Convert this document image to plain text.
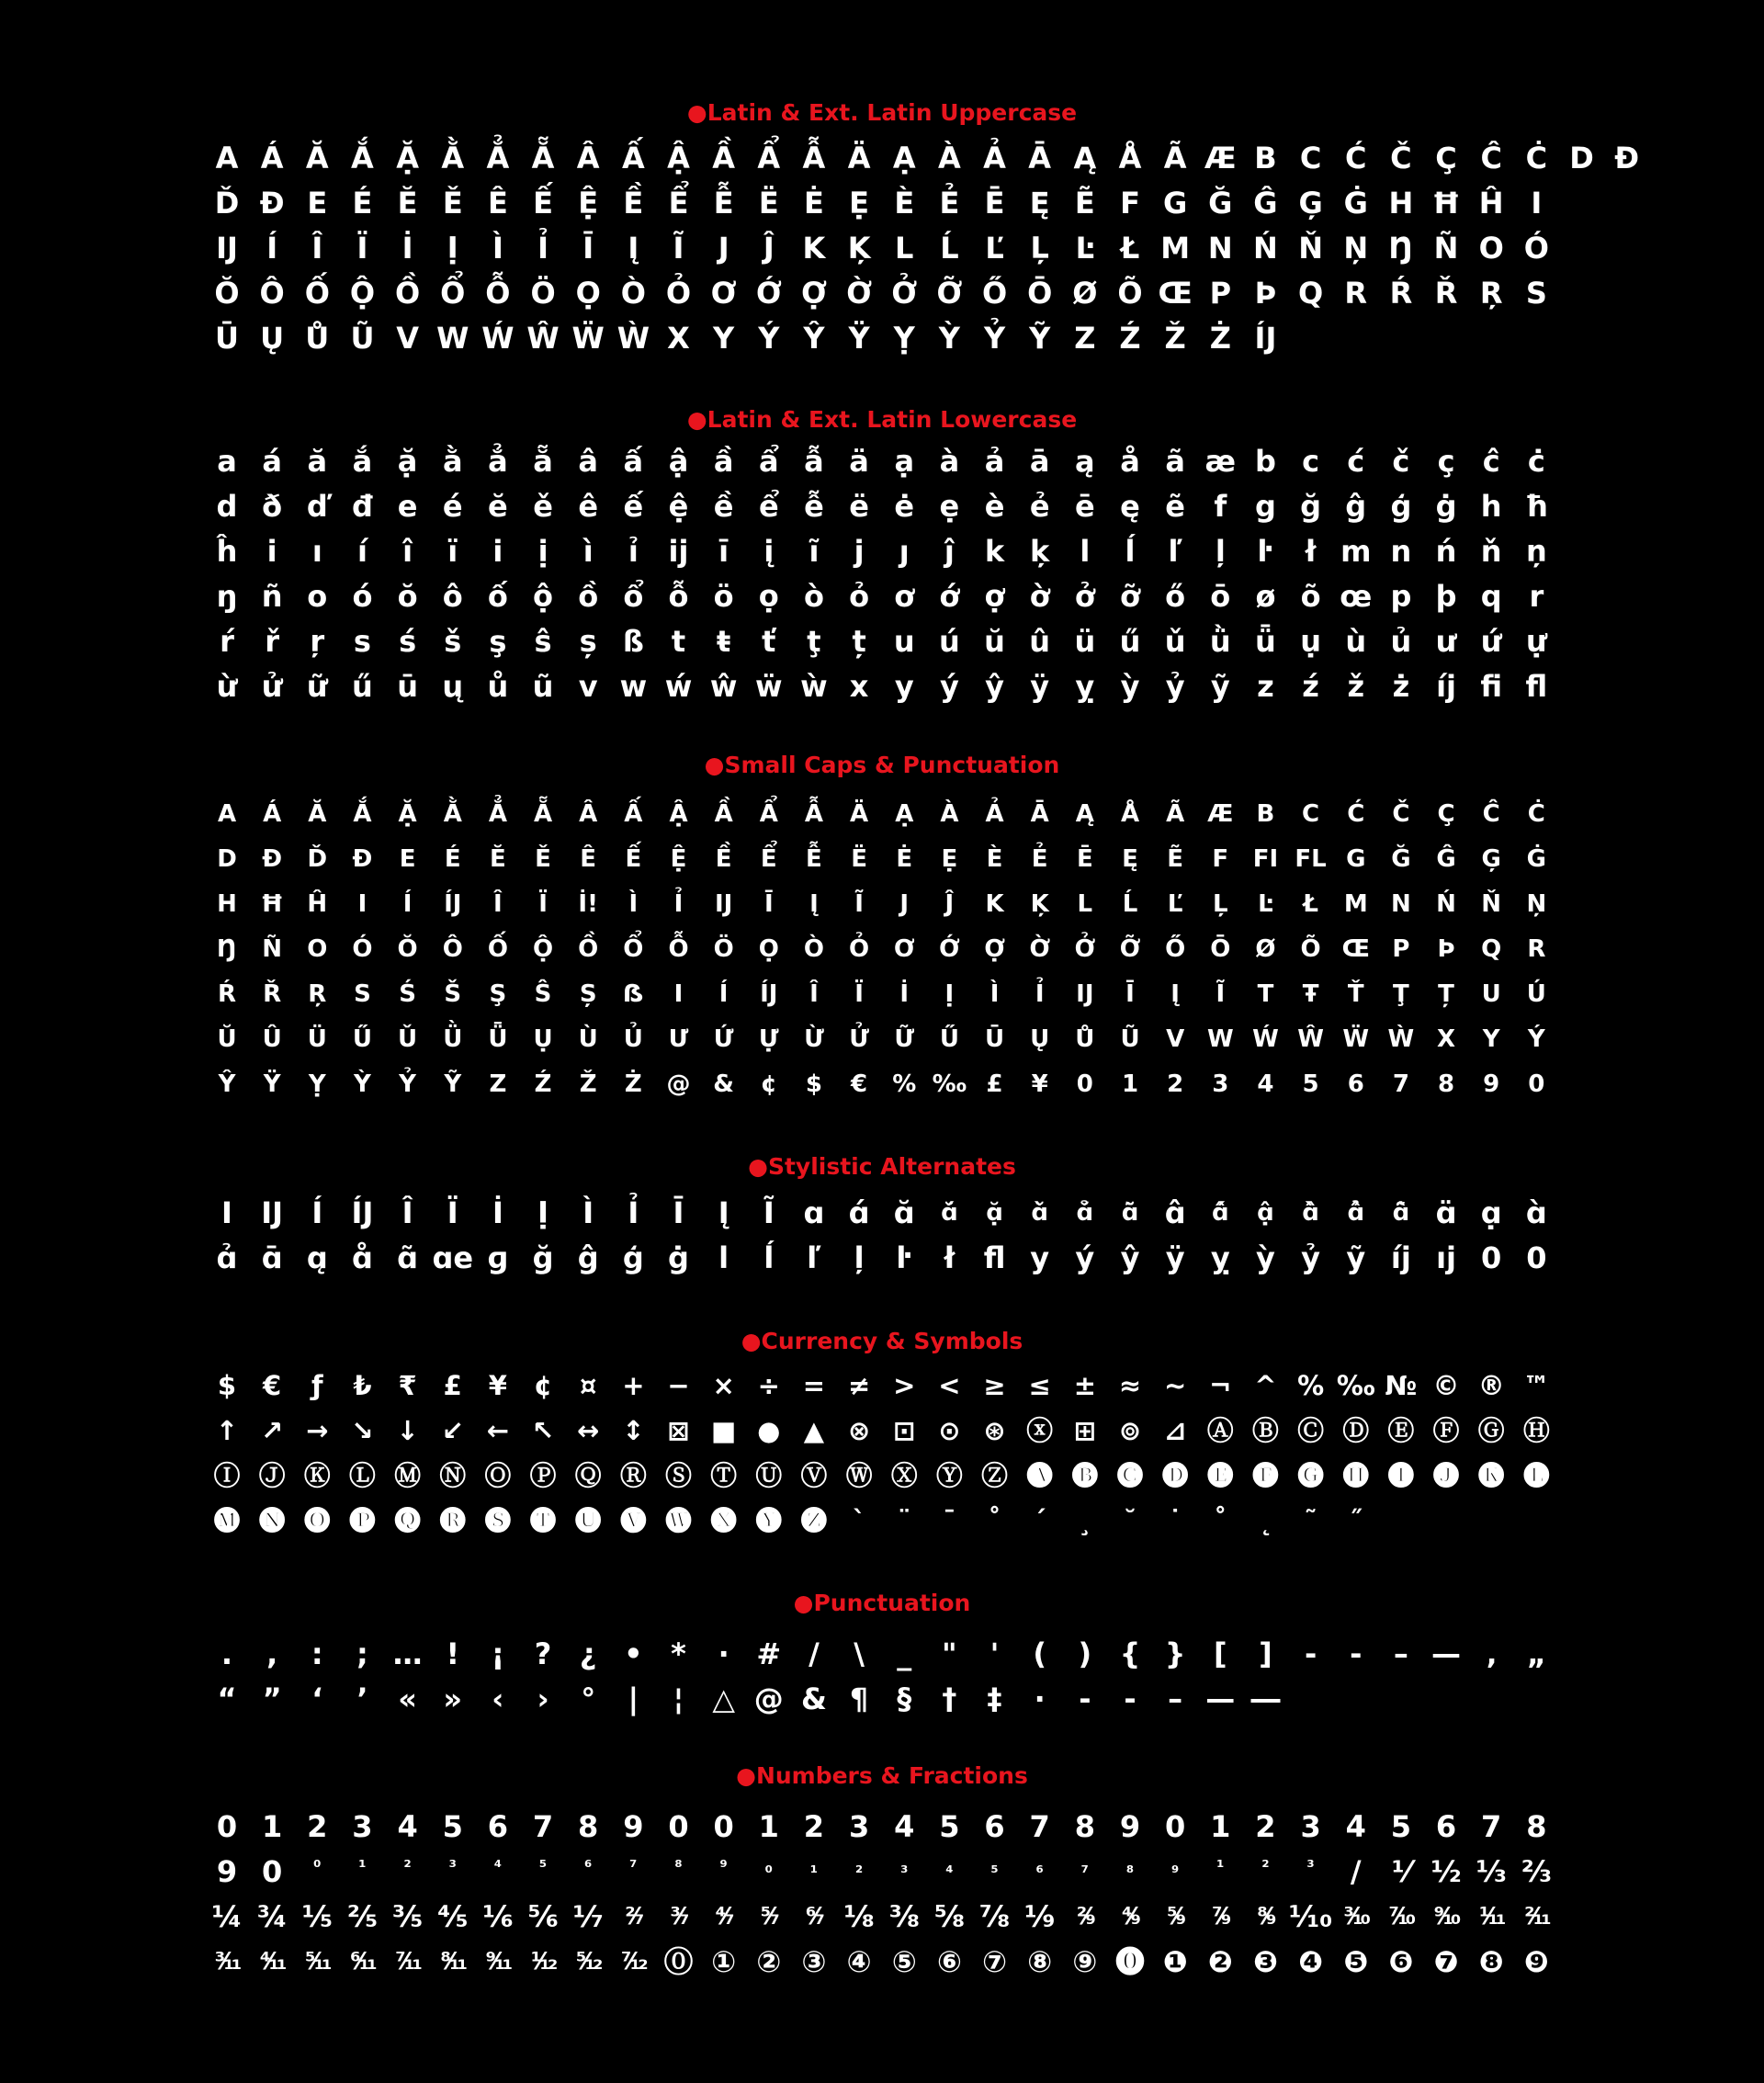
●Latin & Ext. Latin Uppercase
A Á Ă Ắ Ặ Ằ Ẳ Ẵ Â Ấ Ậ Ầ Ẩ Ẫ Ä Ạ À Ả Ā Ą Å Ã Æ B C Ć Č Ç Ĉ Ċ D Đ
Ď Đ E É Ĕ Ě Ê Ế Ệ Ề Ể Ễ Ë Ė Ẹ È Ẻ Ē Ę Ẽ F G Ğ Ĝ Ģ Ġ H Ħ Ĥ I
Ĳ Í	Î	Ï	İ	Ị	Ì	Ỉ	Ī	Į	Ĩ	J	Ĵ K Ķ L Ĺ Ľ Ļ Ŀ Ł M N Ń Ň Ņ Ŋ Ñ O Ó
Ŏ Ô Ố Ộ Ồ Ổ Ỗ Ö Ọ Ò Ỏ Ơ Ớ Ợ Ờ Ở Ỡ Ő Ō Ø Õ Œ P Þ Q R Ŕ Ř Ŗ S
Ū Ų Ů Ũ V W Ẃ Ŵ Ẅ Ẁ X Y Ý Ŷ Ÿ Ỵ Ỳ Ỷ Ỹ Z Ź Ž Ż ÍJ
●Latin & Ext. Latin Lowercase
a á ă ắ ặ ằ ẳ ẵ â ấ ậ ầ ẩ ẫ ä ạ à ả ā ą å ã æ b c ć č ç ĉ ċ
d ð ď đ e é ĕ ě ê ế ệ ề ể ễ ë ė ẹ è ẻ ē ę ẽ f g ğ ĝ ģ ġ h ħ
ĥ	i	ı	í	î	ï	i	ị	ì	ỉ	ĳ	ī	į	ĩ	j	ȷ	ĵ	k ķ	l	ĺ	ľ	ļ	ŀ	ł m n ń ň ņ
ŋ ñ o ó ŏ ô ố ộ ồ ổ ỗ ö ọ ò ỏ ơ ớ ợ ờ ở ỡ ő ō ø õ œ p þ q r
ŕ	ř	ŗ s ś š ş ŝ ș ß t	ŧ	ť	ţ	ț u ú ŭ û ü ű ǔ ǜ ǖ ụ ù ủ ư ứ ự
ừ ử ữ ű ū ų ů ũ v w ẃ ŵ ẅ ẁ x y ý ŷ ÿ ỵ ỳ ỷ ỹ z ź ž ż íj ﬁ ﬂ
●Small Caps & Punctuation
A	Á	Ă	Ắ	Ặ	Ằ	Ẳ	Ẵ	Â	Ấ	Ậ	Ầ	Ẩ	Ẫ	Ä	Ạ	À	Ả	Ā	Ą	Å	Ã Æ B	C	Ć	Č	Ç	Ĉ	Ċ
D	Đ	Ď	Đ	E	É	Ĕ	Ě	Ê	Ế	Ệ	Ề	Ể	Ễ	Ë	Ė	Ẹ	È	Ẻ	Ē	Ę	Ẽ	F	FI FL G	Ğ	Ĝ	Ģ	Ġ
H Ħ Ĥ	I	Í	ÍJ	Î	Ï	İ!	Ì	Ỉ	IJ	Ī	Į	Ĩ	J	Ĵ	K	Ķ	L	Ĺ	Ľ	Ļ	Ŀ	Ł	M N	Ń	Ň	Ņ
Ŋ	Ñ	O	Ó	Ŏ	Ô	Ố	Ộ	Ồ	Ổ	Ỗ	Ö	Ọ	Ò	Ỏ	Ơ	Ớ	Ợ	Ờ	Ở	Ỡ	Ő	Ō	Ø	Õ Œ P	Þ	Q	R
Ŕ	Ř	Ŗ	S	Ś	Š	Ş	Ŝ	Ș	ẞ	I	Í	ÍJ	Î	Ï	İ	Ị	Ì	Ỉ	IJ	Ī	Į	Ĩ	T	Ŧ	Ť	Ţ	Ț	U	Ú
Ŭ	Û	Ü	Ű	Ǔ	Ǜ	Ǖ	Ụ	Ù	Ủ	Ư	Ứ	Ự	Ừ	Ử	Ữ	Ű	Ū	Ų	Ů	Ũ	V W Ẃ Ŵ Ẅ Ẁ X	Y	Ý
Ŷ	Ÿ	Ỵ	Ỳ	Ỷ	Ỹ	Z	Ź	Ž	Ż	@ &	¢	$	€	% ‰ £	¥	0	1	2	3	4	5	6	7	8	9	0
●Stylistic Alternates
I IJ Í ÍJ Î	Ï	İ	Ị	Ì	Ỉ	Ī	Į	Ĩ ɑ ɑ́ ɑ̆	ɑ̆́	ɑ̣̆	ɑ̆̀	ɑ̆̉	ɑ̆̃ ɑ̂	ɑ̂́	ɑ̣̂	ɑ̂̀	ɑ̂̉	ɑ̂̃ ɑ̈ ɑ̣ ɑ̀
ɑ̉ ɑ̄ ɑ̨ ɑ̊ ɑ̃ ɑe ɡ ğ ĝ ģ ġ	l	ĺ	ľ	ļ	ŀ	ł ﬂ y ý ŷ ÿ ỵ ỳ ỷ ỹ íj ıj 0 0
●Currency & Symbols
$ €	ƒ	₺ ₹ £ ¥ ¢	¤ + − × ÷ = ≠ > < ≥ ≤ ± ≈ ~ ¬ ^ % ‰ № © ® ™
↑ ↗ → ↘ ↓ ↙ ← ↖ ↔ ↕ ⊠ ■ ● ▲ ⊗ ⊡ ⊙ ⊛ ⓧ ⊞ ⊚ ⊿ Ⓐ Ⓑ Ⓒ Ⓓ Ⓔ Ⓕ Ⓖ Ⓗ
Ⓘ Ⓙ Ⓚ Ⓛ Ⓜ Ⓝ Ⓞ Ⓟ Ⓠ Ⓡ Ⓢ Ⓣ Ⓤ Ⓥ Ⓦ Ⓧ Ⓨ Ⓩ 🅐 🅑 🅒 🅓 🅔 🅕 🅖 🅗 🅘 🅙 🅚 🅛
🅜 🅝 🅞 🅟 🅠 🅡 🅢 🅣 🅤 🅥 🅦 🅧 🅨 🅩 `	¨	¯	˚	´	¸	˘	˙	˚	˛	˜	˝
●Punctuation
.	,	:	; … !	¡	? ¿ • *	· # /	\	_	"	'	(	) { } [	]	-	‐	– — ‚	„
“ ”	‘	’	« »	‹	›	°	|	¦ △ @ & ¶ §	†	‡	·	-	‐	– — ―
●Numbers & Fractions
0 1 2 3 4 5 6 7 8 9 0 0 1 2 3 4 5 6 7 8 9 0 1 2 3 4 5 6 7 8
9 0	⁰	¹	²	³	⁴	⁵	⁶	⁷	⁸	⁹	₀	₁	₂	₃	₄	₅	₆	₇	₈	₉	¹	²	³	/	⅟ ½ ⅓ ⅔
¼ ¾ ⅕ ⅖ ⅗ ⅘ ⅙ ⅚ ⅐ ²⁄₇	³⁄₇	⁴⁄₇	⁵⁄₇	⁶⁄₇ ⅛ ⅜ ⅝ ⅞ ⅑ ²⁄₉	⁴⁄₉	⁵⁄₉	⁷⁄₉	⁸⁄₉ ⅒ ³⁄₁₀ ⁷⁄₁₀ ⁹⁄₁₀ ¹⁄₁₁ ²⁄₁₁
³⁄₁₁ ⁴⁄₁₁ ⁵⁄₁₁ ⁶⁄₁₁ ⁷⁄₁₁ ⁸⁄₁₁ ⁹⁄₁₁ ¹⁄₁₂ ⁵⁄₁₂ ⁷⁄₁₂ ⓪ ① ② ③ ④ ⑤ ⑥ ⑦ ⑧ ⑨ ⓿ ❶ ❷ ❸ ❹ ❺ ❻ ❼ ❽ ❾
